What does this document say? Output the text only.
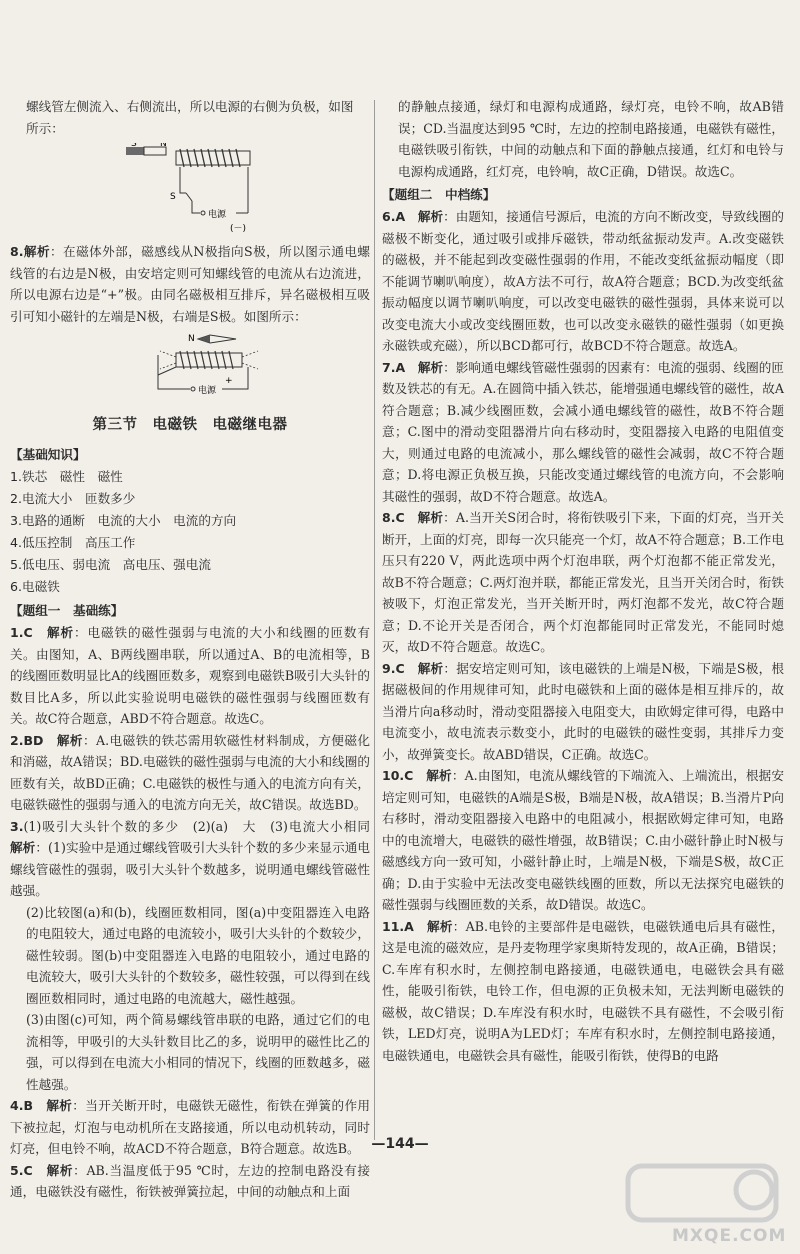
螺线管左侧流入、右侧流出，所以电源的右侧为负极，如图

所示：

S	N
S
电源
(－)

8.解析：在磁体外部，磁感线从N极指向S极，所以图示通电螺线管的右边是N极，由安培定则可知螺线管的电流从右边流进，所以电源右边是“+”极。由同名磁极相互排斥，异名磁极相互吸引可知小磁针的左端是N极，右端是S极。如图所示：

N
电源
+
第三节　电磁铁　电磁继电器

【基础知识】

1.铁芯　磁性　磁性

2.电流大小　匝数多少

3.电路的通断　电流的大小　电流的方向

4.低压控制　高压工作

5.低电压、弱电流　高电压、强电流

6.电磁铁

【题组一　基础练】

1.C　 解析：电磁铁的磁性强弱与电流的大小和线圈的匝数有关。由图知，A、B两线圈串联，所以通过A、B的电流相等，B的线圈匝数明显比A的线圈匝数多，观察到电磁铁B吸引大头针的数目比A多，所以此实验说明电磁铁的磁性强弱与线圈匝数有关。故C符合题意，ABD不符合题意。故选C。

2.BD　 解析：A.电磁铁的铁芯需用软磁性材料制成，方便磁化和消磁，故A错误；BD.电磁铁的磁性强弱与电流的大小和线圈的匝数有关，故BD正确；C.电磁铁的极性与通入的电流方向有关，电磁铁磁性的强弱与通入的电流方向无关，故C错误。故选BD。

3.(1)吸引大头针个数的多少　(2)(a)　大　(3)电流大小相同　解析：(1)实验中是通过螺线管吸引大头针个数的多少来显示通电螺线管磁性的强弱，吸引大头针个数越多，说明通电螺线管磁性越强。

(2)比较图(a)和(b)，线圈匝数相同，图(a)中变阻器连入电路的电阻较大，通过电路的电流较小，吸引大头针的个数较少，磁性较弱。图(b)中变阻器连入电路的电阻较小，通过电路的电流较大，吸引大头针的个数较多，磁性较强，可以得到在线圈匝数相同时，通过电路的电流越大，磁性越强。

(3)由图(c)可知，两个简易螺线管串联的电路，通过它们的电流相等，甲吸引的大头针数目比乙的多，说明甲的磁性比乙的强，可以得到在电流大小相同的情况下，线圈的匝数越多，磁性越强。

4.B　 解析：当开关断开时，电磁铁无磁性，衔铁在弹簧的作用下被拉起，灯泡与电动机所在支路接通，所以电动机转动，同时灯亮，但电铃不响，故ACD不符合题意，B符合题意。故选B。

5.C　 解析：AB.当温度低于95 ℃时，左边的控制电路没有接通，电磁铁没有磁性，衔铁被弹簧拉起，中间的动触点和上面

的静触点接通，绿灯和电源构成通路，绿灯亮，电铃不响，故AB错误；CD.当温度达到95 ℃时，左边的控制电路接通，电磁铁有磁性，电磁铁吸引衔铁，中间的动触点和下面的静触点接通，红灯和电铃与电源构成通路，红灯亮，电铃响，故C正确，D错误。故选C。

【题组二　中档练】

6.A　 解析：由题知，接通信号源后，电流的方向不断改变，导致线圈的磁极不断变化，通过吸引或排斥磁铁，带动纸盆振动发声。A.改变磁铁的磁极，并不能起到改变磁性强弱的作用，不能改变纸盆振动幅度（即不能调节喇叭响度），故A方法不可行，故A符合题意；BCD.为改变纸盆振动幅度以调节喇叭响度，可以改变电磁铁的磁性强弱，具体来说可以改变电流大小或改变线圈匝数，也可以改变永磁铁的磁性强弱（如更换永磁铁或充磁），所以BCD都可行，故BCD不符合题意。故选A。

7.A　 解析：影响通电螺线管磁性强弱的因素有：电流的强弱、线圈的匝数及铁芯的有无。A.在圆筒中插入铁芯，能增强通电螺线管的磁性，故A符合题意；B.减少线圈匝数，会减小通电螺线管的磁性，故B不符合题意；C.图中的滑动变阻器滑片向右移动时，变阻器接入电路的电阻值变大，则通过电路的电流减小，那么螺线管的磁性会减弱，故C不符合题意；D.将电源正负极互换，只能改变通过螺线管的电流方向，不会影响其磁性的强弱，故D不符合题意。故选A。

8.C　 解析：A.当开关S闭合时，将衔铁吸引下来，下面的灯亮，当开关断开，上面的灯亮，即每一次只能亮一个灯，故A不符合题意；B.工作电压只有220 V，两此选项中两个灯泡串联，两个灯泡都不能正常发光，故B不符合题意；C.两灯泡并联，都能正常发光，且当开关闭合时，衔铁被吸下，灯泡正常发光，当开关断开时，两灯泡都不发光，故C符合题意；D.不论开关是否闭合，两个灯泡都能同时正常发光，不能同时熄灭，故D不符合题意。故选C。

9.C　 解析：据安培定则可知，该电磁铁的上端是N极，下端是S极，根据磁极间的作用规律可知，此时电磁铁和上面的磁体是相互排斥的，故当滑片向a移动时，滑动变阻器接入电阻变大，由欧姆定律可得，电路中电流变小，故电流表示数变小，此时的电磁铁的磁性变弱，其排斥力变小，故弹簧变长。故ABD错误，C正确。故选C。

10.C　 解析：A.由图知，电流从螺线管的下端流入、上端流出，根据安培定则可知，电磁铁的A端是S极，B端是N极，故A错误；B.当滑片P向右移时，滑动变阻器接入电路中的电阻减小，根据欧姆定律可知，电路中的电流增大，电磁铁的磁性增强，故B错误；C.由小磁针静止时N极与磁感线方向一致可知，小磁针静止时，上端是N极，下端是S极，故C正确；D.由于实验中无法改变电磁铁线圈的匝数，所以无法探究电磁铁的磁性强弱与线圈匝数的关系，故D错误。故选C。

11.A　 解析：AB.电铃的主要部件是电磁铁，电磁铁通电后具有磁性，这是电流的磁效应，是丹麦物理学家奥斯特发现的，故A正确，B错误；C.车库有积水时，左侧控制电路接通，电磁铁通电，电磁铁会具有磁性，能吸引衔铁，电铃工作，但电源的正负极未知，无法判断电磁铁的磁极，故C错误；D.车库没有积水时，电磁铁不具有磁性，不会吸引衔铁，LED灯亮，说明A为LED灯；车库有积水时，左侧控制电路接通，电磁铁通电，电磁铁会具有磁性，能吸引衔铁，使得B的电路

—144—
MXQE.COM
